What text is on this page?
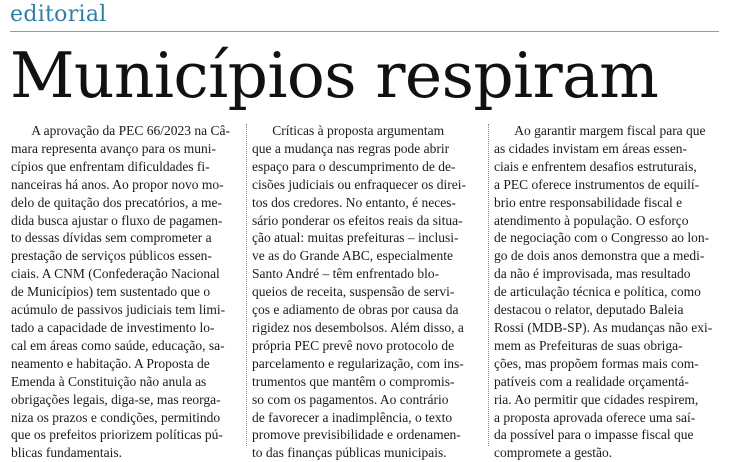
editorial
Municípios respiram
  A aprovação da PEC 66/2023 na Câ-
mara representa avanço para os muni-
cípios que enfrentam dificuldades fi-
nanceiras há anos. Ao propor novo mo-
delo de quitação dos precatórios, a me-
dida busca ajustar o fluxo de pagamen-
to dessas dívidas sem comprometer a
prestação de serviços públicos essen-
ciais. A CNM (Confederação Nacional
de Municípios) tem sustentado que o
acúmulo de passivos judiciais tem limi-
tado a capacidade de investimento lo-
cal em áreas como saúde, educação, sa-
neamento e habitação. A Proposta de
Emenda à Constituição não anula as
obrigações legais, diga-se, mas reorga-
niza os prazos e condições, permitindo
que os prefeitos priorizem políticas pú-
blicas fundamentais.
  Críticas à proposta argumentam
que a mudança nas regras pode abrir
espaço para o descumprimento de de-
cisões judiciais ou enfraquecer os direi-
tos dos credores. No entanto, é neces-
sário ponderar os efeitos reais da situa-
ção atual: muitas prefeituras – inclusi-
ve as do Grande ABC, especialmente
Santo André – têm enfrentado blo-
queios de receita, suspensão de servi-
ços e adiamento de obras por causa da
rigidez nos desembolsos. Além disso, a
própria PEC prevê novo protocolo de
parcelamento e regularização, com ins-
trumentos que mantêm o compromis-
so com os pagamentos. Ao contrário
de favorecer a inadimplência, o texto
promove previsibilidade e ordenamen-
to das finanças públicas municipais.
  Ao garantir margem fiscal para que
as cidades invistam em áreas essen-
ciais e enfrentem desafios estruturais,
a PEC oferece instrumentos de equilí-
brio entre responsabilidade fiscal e
atendimento à população. O esforço
de negociação com o Congresso ao lon-
go de dois anos demonstra que a medi-
da não é improvisada, mas resultado
de articulação técnica e política, como
destacou o relator, deputado Baleia
Rossi (MDB-SP). As mudanças não exi-
mem as Prefeituras de suas obriga-
ções, mas propõem formas mais com-
patíveis com a realidade orçamentá-
ria. Ao permitir que cidades respirem,
a proposta aprovada oferece uma saí-
da possível para o impasse fiscal que
compromete a gestão.
